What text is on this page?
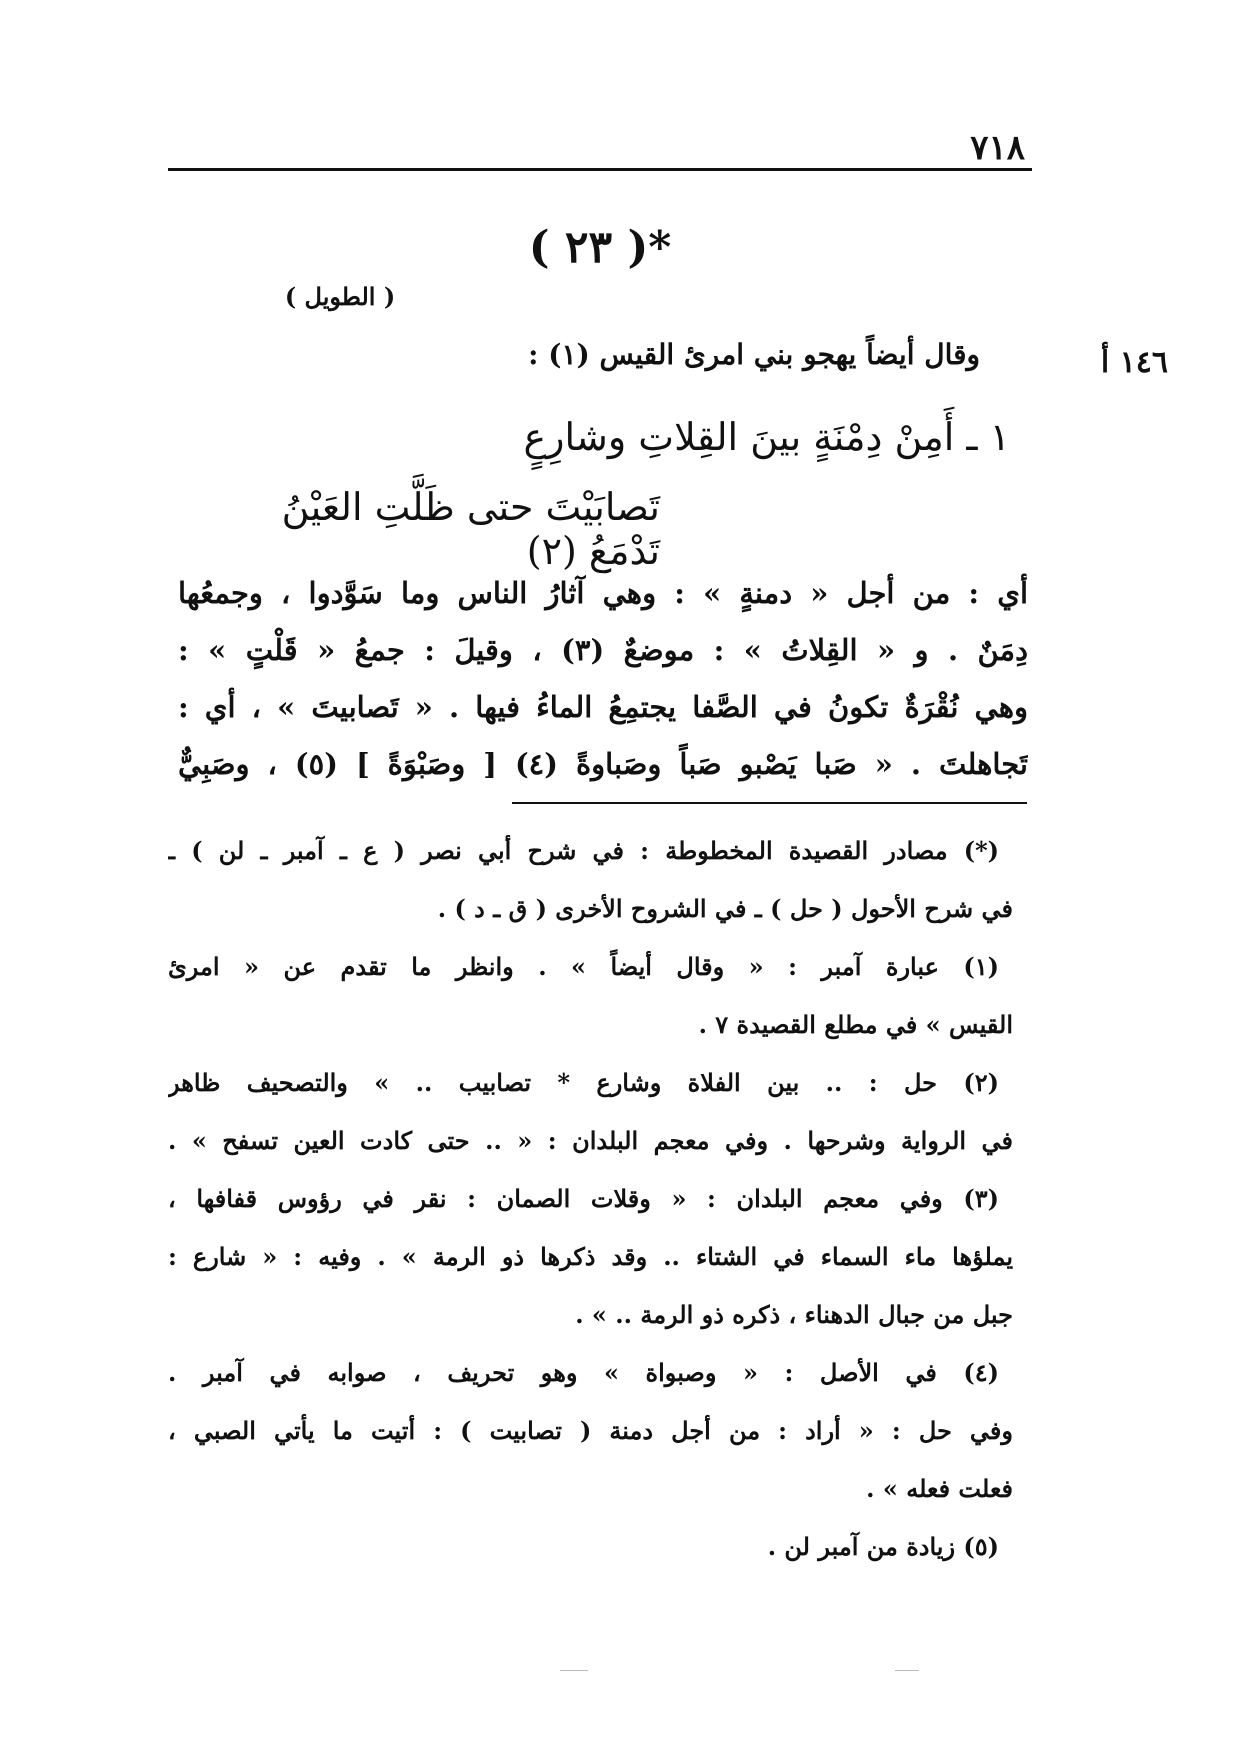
٧١٨
( ٢٣ )*
( الطويل )
١٤٦ أ
وقال أيضاً يهجو بني امرئ القيس (١) :
١ ـ أَمِنْ دِمْنَةٍ بينَ القِلاتِ وشارِعٍ
تَصابَيْتَ حتى ظَلَّتِ العَيْنُ تَدْمَعُ (٢)

أي : من أجل « دمنةٍ » : وهي آثارُ الناس وما سَوَّدوا ، وجمعُها

دِمَنٌ . و « القِلاتُ » : موضعٌ (٣) ، وقيلَ : جمعُ « قَلْتٍ » :

وهي نُقْرَةٌ تكونُ في الصَّفا يجتمِعُ الماءُ فيها . « تَصابيتَ » ، أي :

تَجاهلتَ . « صَبا يَصْبو صَباً وصَباوةً (٤) [ وصَبْوَةً ] (٥) ، وصَبِيٌّ

(*) مصادر القصيدة المخطوطة : في شرح أبي نصر ( ع ـ آمبر ـ لن ) ـ

في شرح الأحول ( حل ) ـ في الشروح الأخرى ( ق ـ د ) .

(١) عبارة آمبر : « وقال أيضاً » . وانظر ما تقدم عن « امرئ

القيس » في مطلع القصيدة ٧ .

(٢) حل : .. بين الفلاة وشارع * تصابيب .. » والتصحيف ظاهر

في الرواية وشرحها . وفي معجم البلدان : « .. حتى كادت العين تسفح » .

(٣) وفي معجم البلدان : « وقلات الصمان : نقر في رؤوس قفافها ،

يملؤها ماء السماء في الشتاء .. وقد ذكرها ذو الرمة » . وفيه : « شارع :

جبل من جبال الدهناء ، ذكره ذو الرمة .. » .

(٤) في الأصل : « وصبواة » وهو تحريف ، صوابه في آمبر .

وفي حل : « أراد : من أجل دمنة ( تصابيت ) : أتيت ما يأتي الصبي ،

فعلت فعله » .

(٥) زيادة من آمبر لن .
